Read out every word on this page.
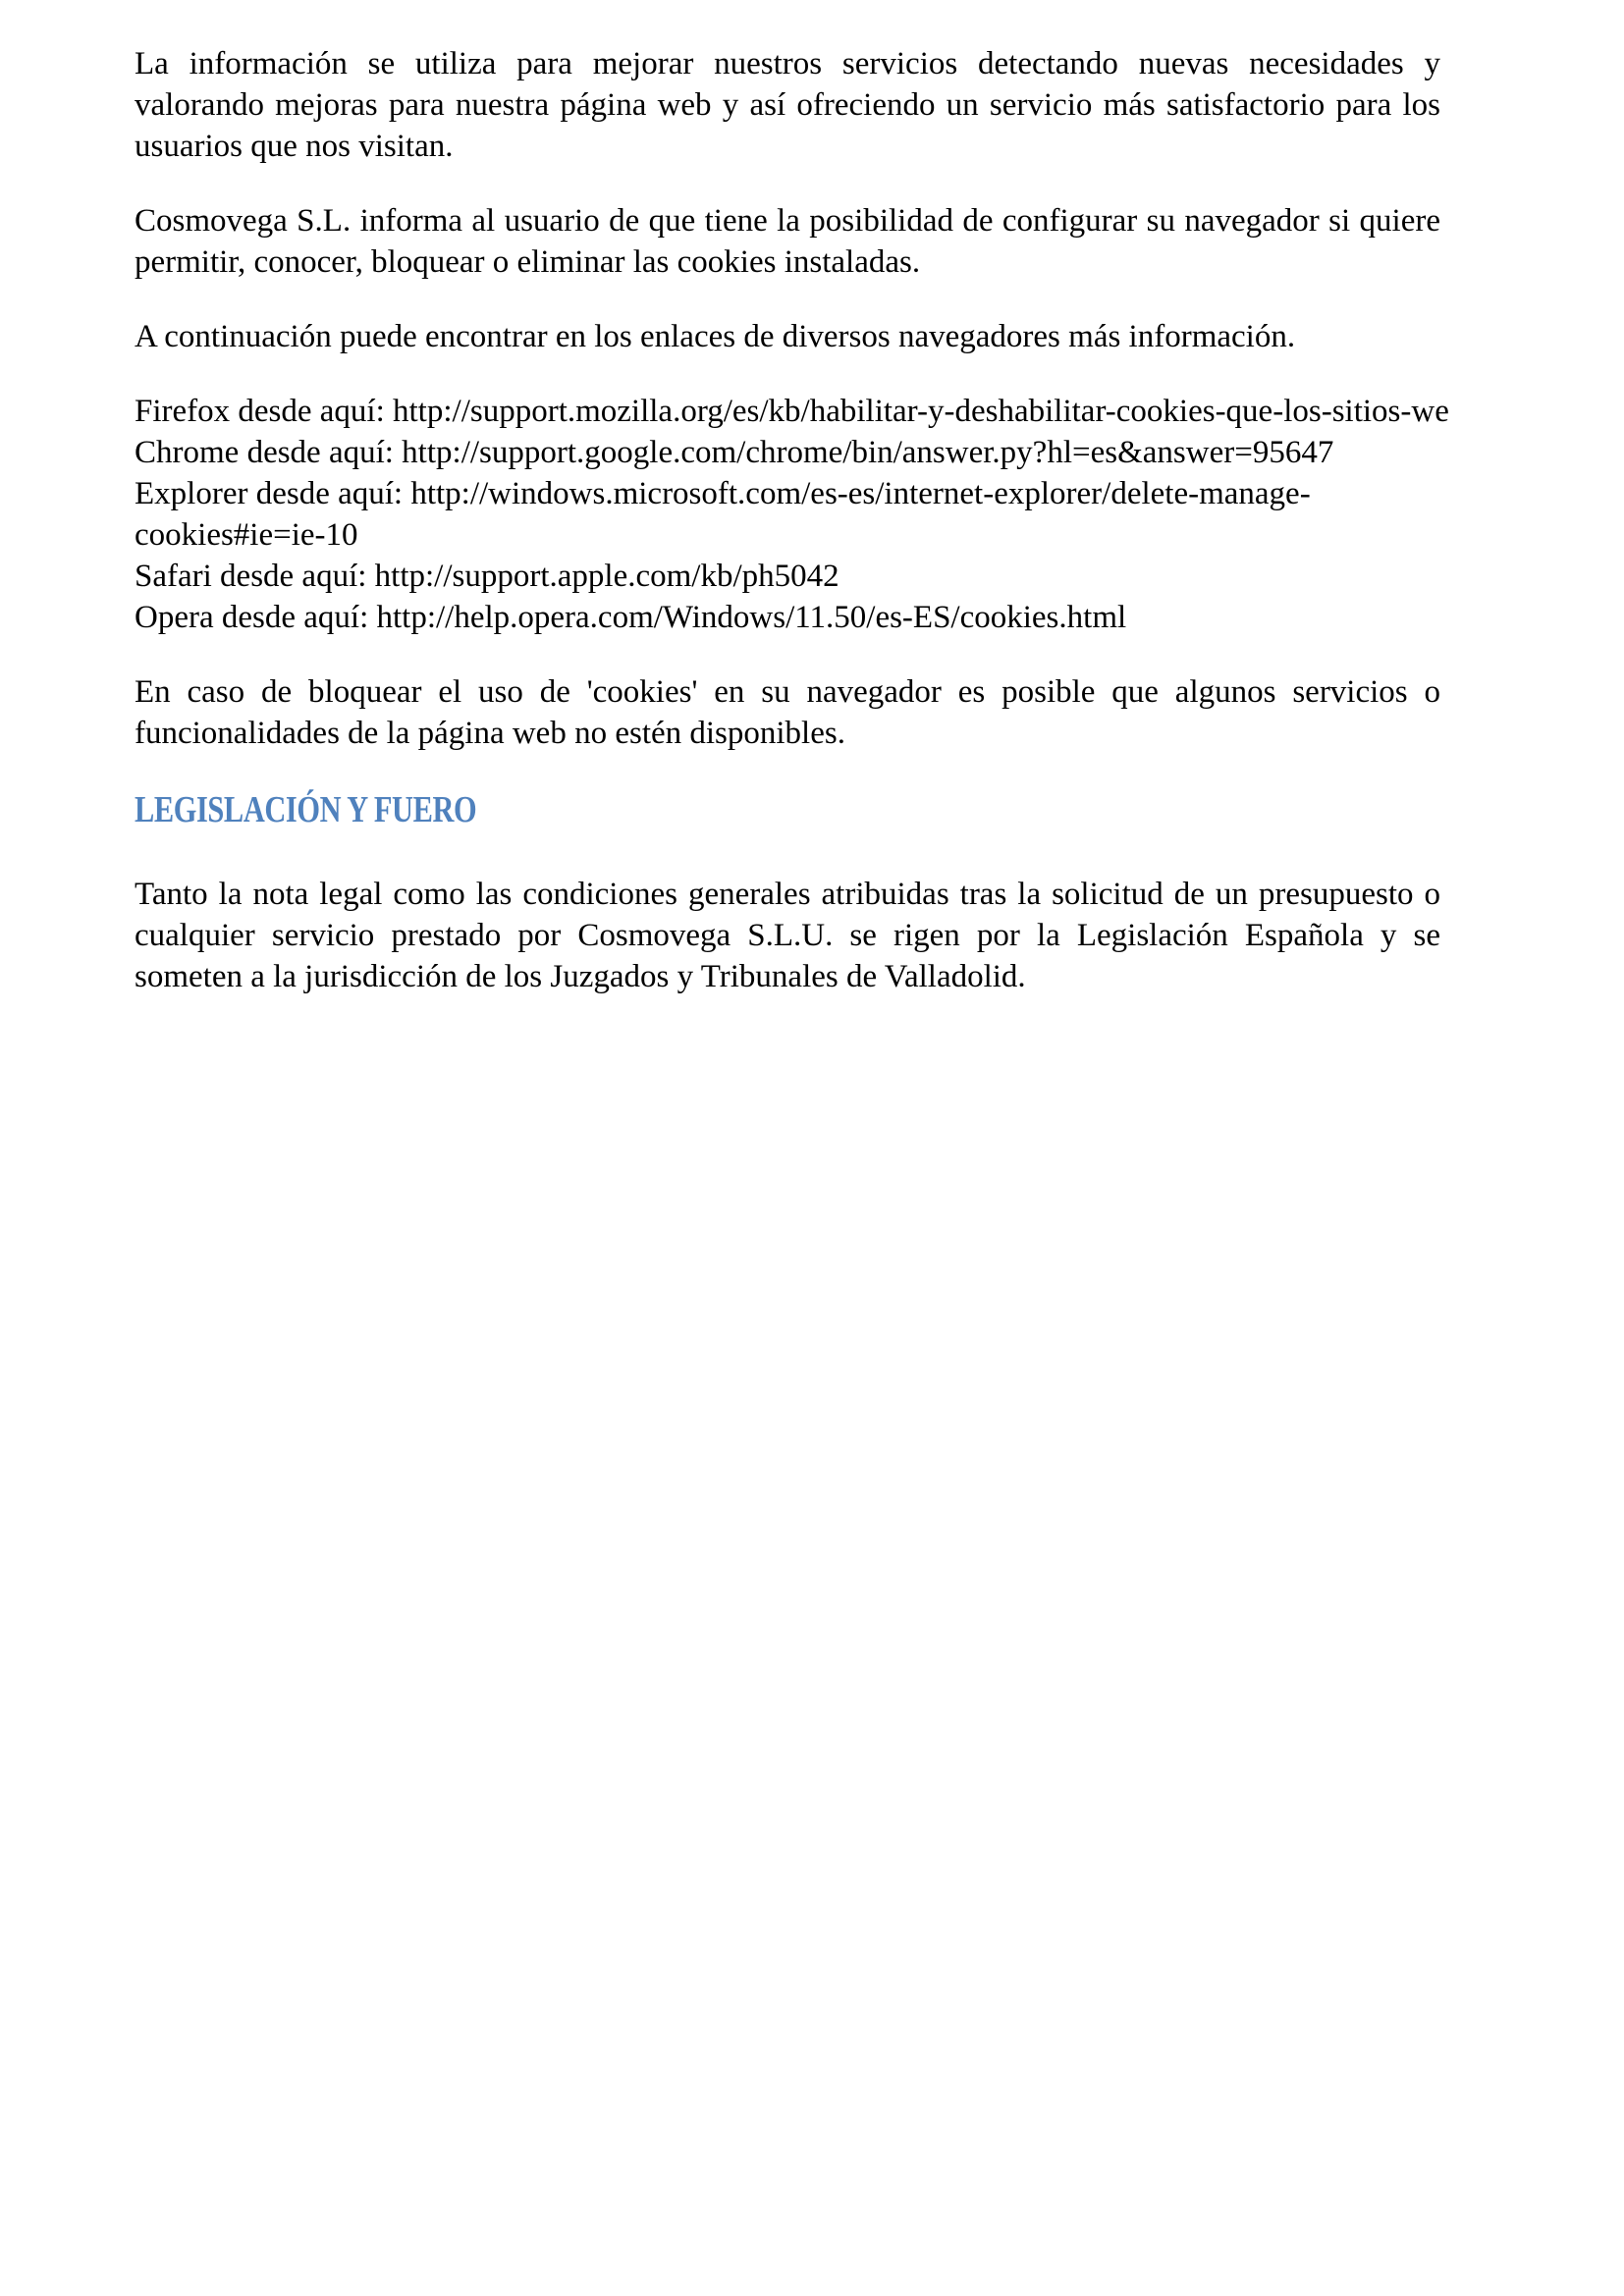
La información se utiliza para mejorar nuestros servicios detectando nuevas necesidades y valorando mejoras para nuestra página web y así ofreciendo un servicio más satisfactorio para los usuarios que nos visitan.

Cosmovega S.L. informa al usuario de que tiene la posibilidad de configurar su navegador si quiere permitir, conocer, bloquear o eliminar las cookies instaladas.

A continuación puede encontrar en los enlaces de diversos navegadores más información.

Firefox desde aquí: http://support.mozilla.org/es/kb/habilitar-y-deshabilitar-cookies-que-los-sitios-we
Chrome desde aquí: http://support.google.com/chrome/bin/answer.py?hl=es&answer=95647
Explorer desde aquí: http://windows.microsoft.com/es-es/internet-explorer/delete-manage-
cookies#ie=ie-10
Safari desde aquí: http://support.apple.com/kb/ph5042
Opera desde aquí: http://help.opera.com/Windows/11.50/es-ES/cookies.html

En caso de bloquear el uso de 'cookies' en su navegador es posible que algunos servicios o funcionalidades de la página web no estén disponibles.

LEGISLACIÓN Y FUERO

Tanto la nota legal como las condiciones generales atribuidas tras la solicitud de un presupuesto o cualquier servicio prestado por Cosmovega S.L.U. se rigen por la Legislación Española y se someten a la jurisdicción de los Juzgados y Tribunales de Valladolid.
